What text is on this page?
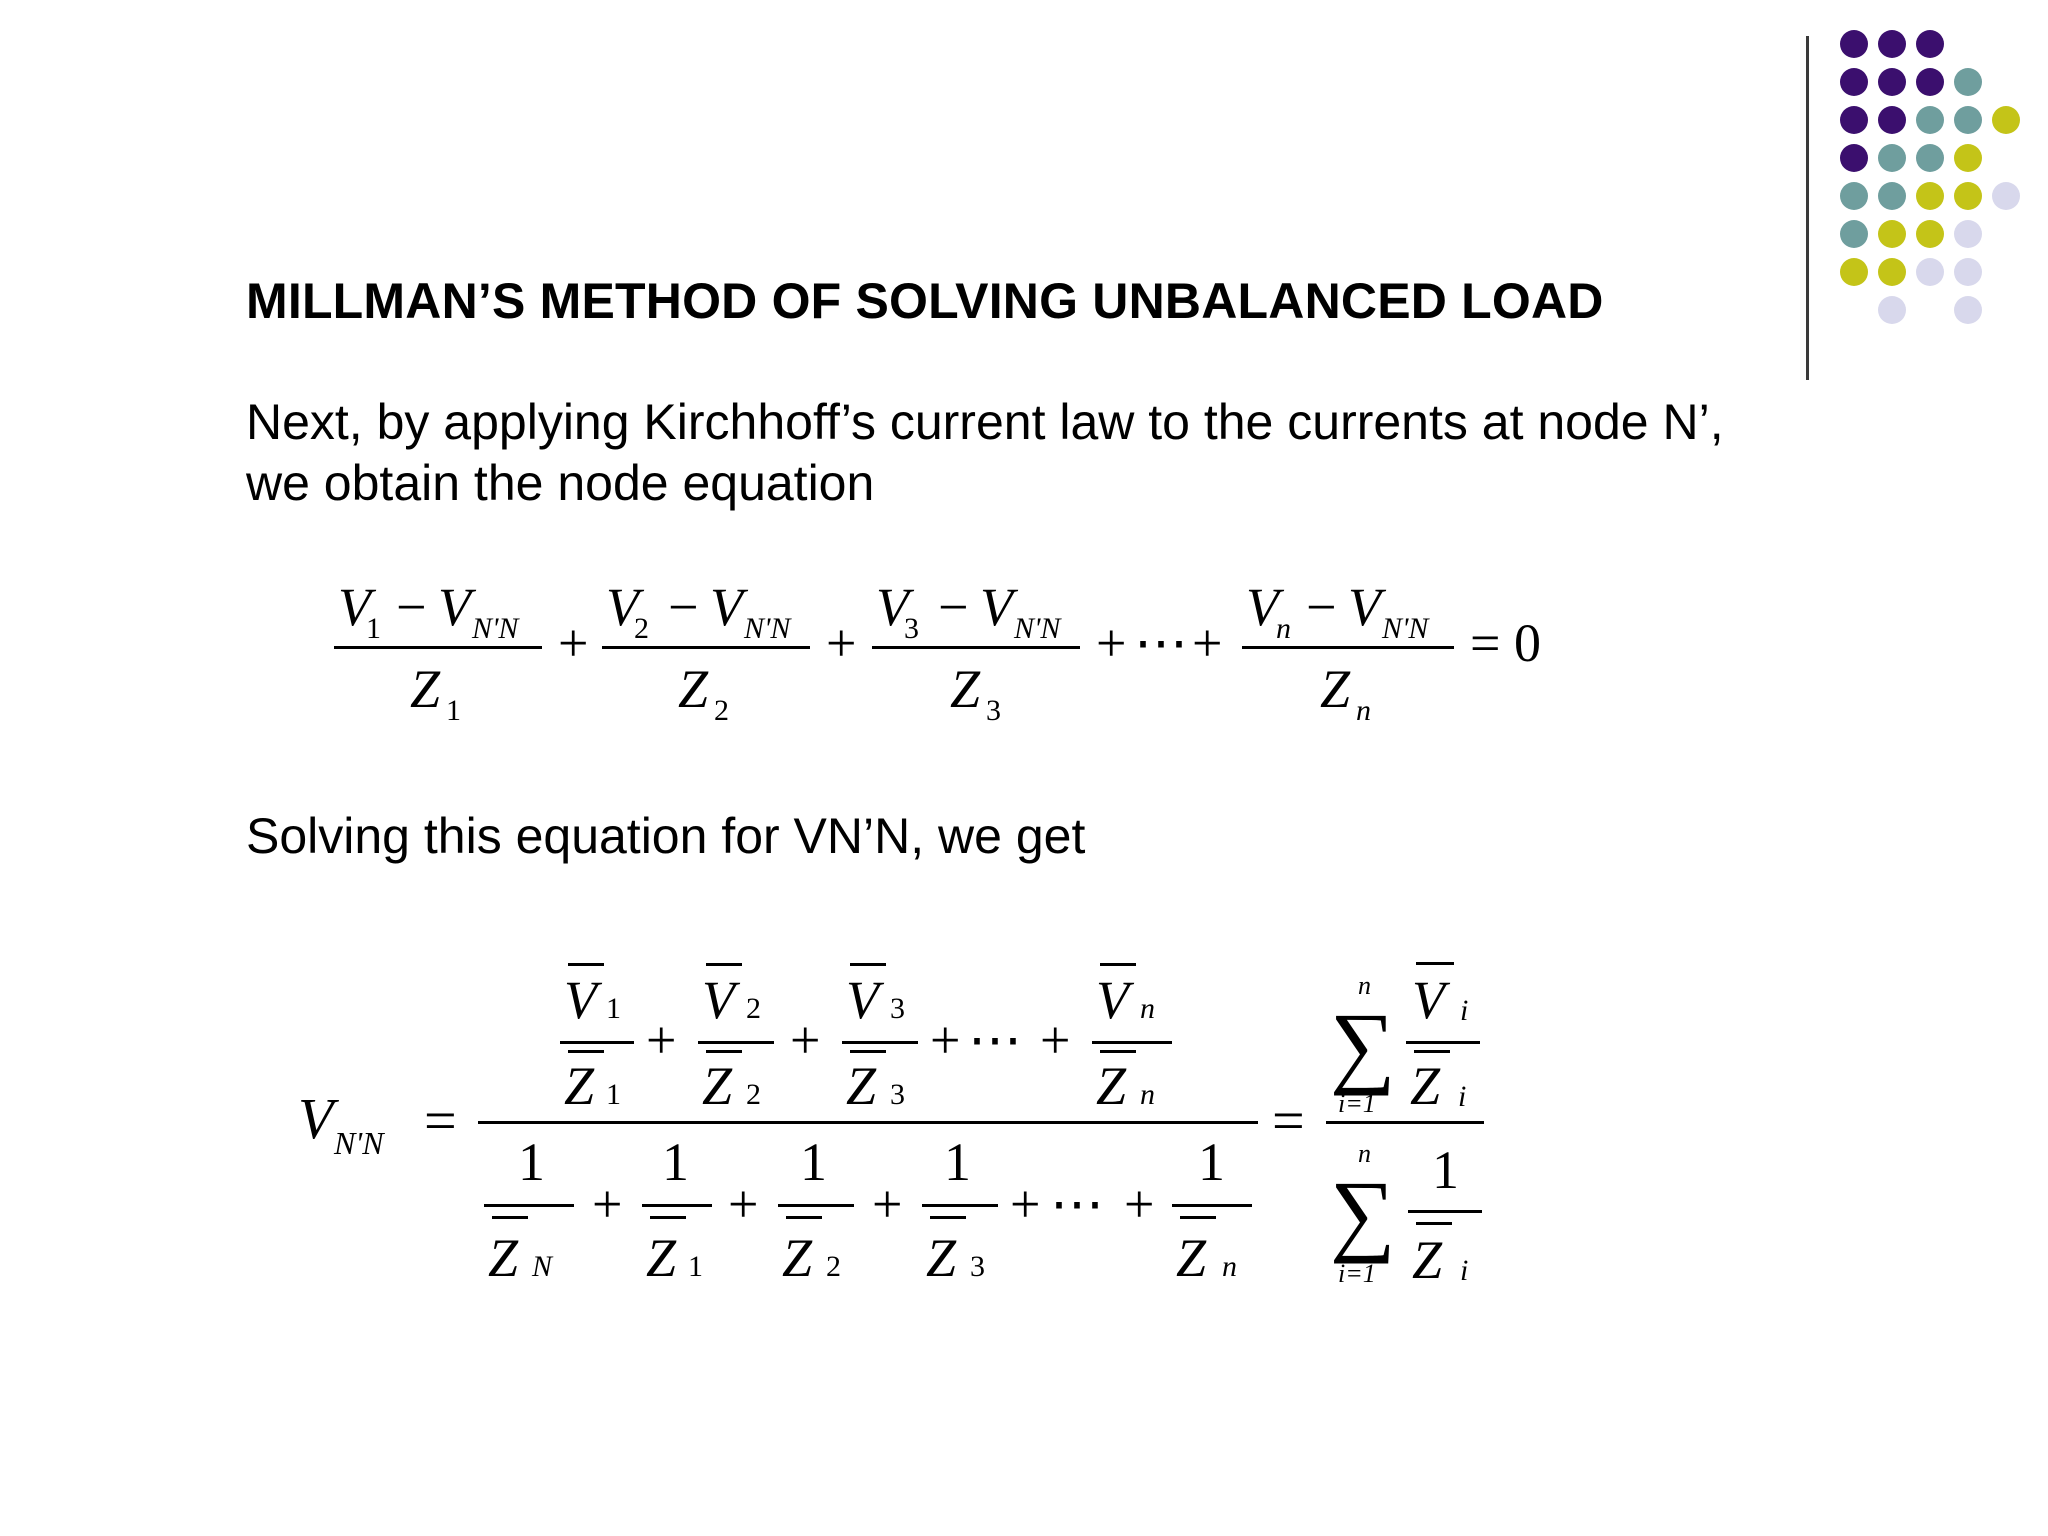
MILLMAN’S METHOD OF SOLVING UNBALANCED LOAD
Next, by applying Kirchhoff’s current law to the currents at node N’,
we obtain the node equation
Solving this equation for VN’N, we get
V
1 − V N'N
Z 1
+
V
2 − V N'N
Z 2
+
V
3 − V N'N
Z 3
+ ⋯ +
V
n − V N'N
Z n
= 0
V N'N =
V 1
Z 1
+
V 2
Z 2
+
V 3
Z 3
+ ⋯ +
V n
Z n
1
Z N
+
1
Z 1
+
1
Z 2
+
1
Z 3
+ ⋯ +
1
Z n
=
n
∑
i=1
V i
Z i
n
∑
i=1
1
Z i
